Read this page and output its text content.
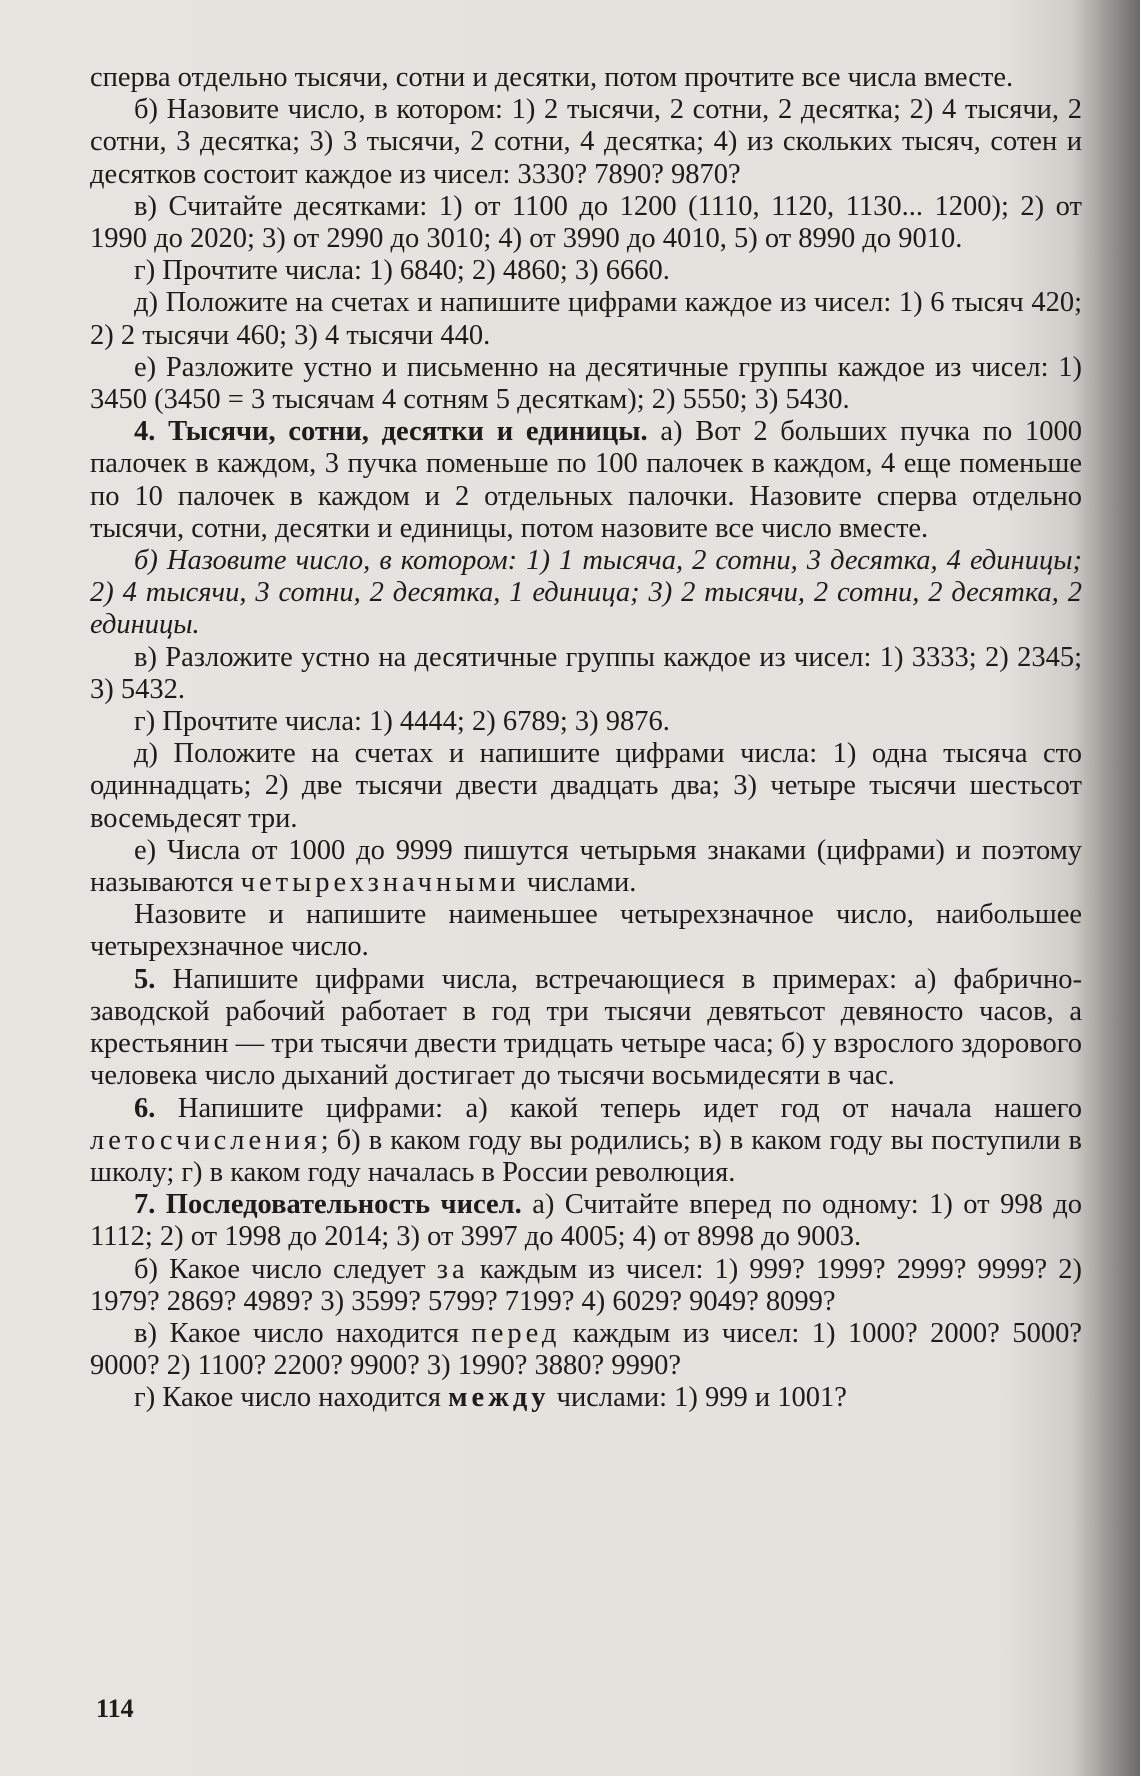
сперва отдельно тысячи, сотни и десятки, потом прочтите все числа вместе.

б) Назовите число, в котором: 1) 2 тысячи, 2 сотни, 2 десятка; 2) 4 тысячи, 2 сотни, 3 десятка; 3) 3 тысячи, 2 сотни, 4 десятка; 4) из скольких тысяч, сотен и десятков состоит каждое из чисел: 3330? 7890? 9870?

в) Считайте десятками: 1) от 1100 до 1200 (1110, 1120, 1130... 1200); 2) от 1990 до 2020; 3) от 2990 до 3010; 4) от 3990 до 4010, 5) от 8990 до 9010.

г) Прочтите числа: 1) 6840; 2) 4860; 3) 6660.

д) Положите на счетах и напишите цифрами каждое из чисел: 1) 6 тысяч 420; 2) 2 тысячи 460; 3) 4 тысячи 440.

е) Разложите устно и письменно на десятичные группы каждое из чисел: 1) 3450 (3450 = 3 тысячам 4 сотням 5 десяткам); 2) 5550; 3) 5430.

4. Тысячи, сотни, десятки и единицы. а) Вот 2 больших пучка по 1000 палочек в каждом, 3 пучка поменьше по 100 палочек в каждом, 4 еще поменьше по 10 палочек в каждом и 2 отдельных палочки. Назовите сперва отдельно тысячи, сотни, десятки и единицы, потом назовите все число вместе.

б) Назовите число, в котором: 1) 1 тысяча, 2 сотни, 3 десятка, 4 единицы; 2) 4 тысячи, 3 сотни, 2 десятка, 1 единица; 3) 2 тысячи, 2 сотни, 2 десятка, 2 единицы.

в) Разложите устно на десятичные группы каждое из чисел: 1) 3333; 2) 2345; 3) 5432.

г) Прочтите числа: 1) 4444; 2) 6789; 3) 9876.

д) Положите на счетах и напишите цифрами числа: 1) одна тысяча сто одиннадцать; 2) две тысячи двести двадцать два; 3) четыре тысячи шестьсот восемьдесят три.

е) Числа от 1000 до 9999 пишутся четырьмя знаками (цифрами) и поэтому называются четырехзначными числами.

Назовите и напишите наименьшее четырехзначное число, наибольшее четырехзначное число.

5. Напишите цифрами числа, встречающиеся в примерах: а) фабрично-заводской рабочий работает в год три тысячи девятьсот девяносто часов, а крестьянин — три тысячи двести тридцать четыре часа; б) у взрослого здорового человека число дыханий достигает до тысячи восьмидесяти в час.

6. Напишите цифрами: а) какой теперь идет год от начала нашего летосчисления; б) в каком году вы родились; в) в каком году вы поступили в школу; г) в каком году началась в России революция.

7. Последовательность чисел. а) Считайте вперед по одному: 1) от 998 до 1112; 2) от 1998 до 2014; 3) от 3997 до 4005; 4) от 8998 до 9003.

б) Какое число следует за каждым из чисел: 1) 999? 1999? 2999? 9999? 2) 1979? 2869? 4989? 3) 3599? 5799? 7199? 4) 6029? 9049? 8099?

в) Какое число находится перед каждым из чисел: 1) 1000? 2000? 5000? 9000? 2) 1100? 2200? 9900? 3) 1990? 3880? 9990?

г) Какое число находится между числами: 1) 999 и 1001?

114
